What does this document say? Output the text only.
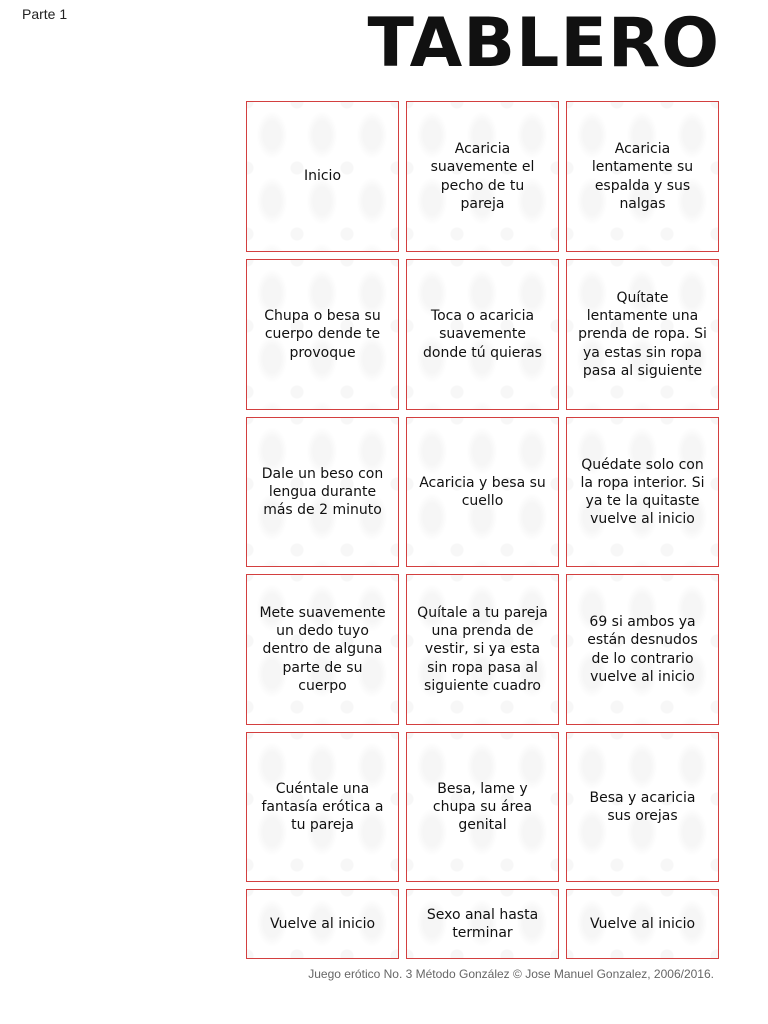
Parte 1	TABLERO
Inicio
Acaricia suavemente el pecho de tu pareja
Acaricia lentamente su espalda y sus nalgas
Chupa o besa su cuerpo dende te provoque
Toca o acaricia suavemente donde tú quieras
Quítate lentamente una prenda de ropa. Si ya estas sin ropa pasa al siguiente
Dale un beso con lengua durante más de 2 minuto
Acaricia y besa su cuello
Quédate solo con la ropa interior. Si ya te la quitaste vuelve al inicio
Mete suavemente un dedo tuyo dentro de alguna parte de su cuerpo
Quítale a tu pareja una prenda de vestir, si ya esta sin ropa pasa al siguiente cuadro
69 si ambos ya están desnudos de lo contrario vuelve al inicio
Cuéntale una fantasía erótica a tu pareja
Besa, lame y chupa su área genital
Besa y acaricia sus orejas
Vuelve al inicio
Sexo anal hasta terminar
Vuelve al inicio
Juego erótico No. 3 Método González © Jose Manuel Gonzalez, 2006/2016.
